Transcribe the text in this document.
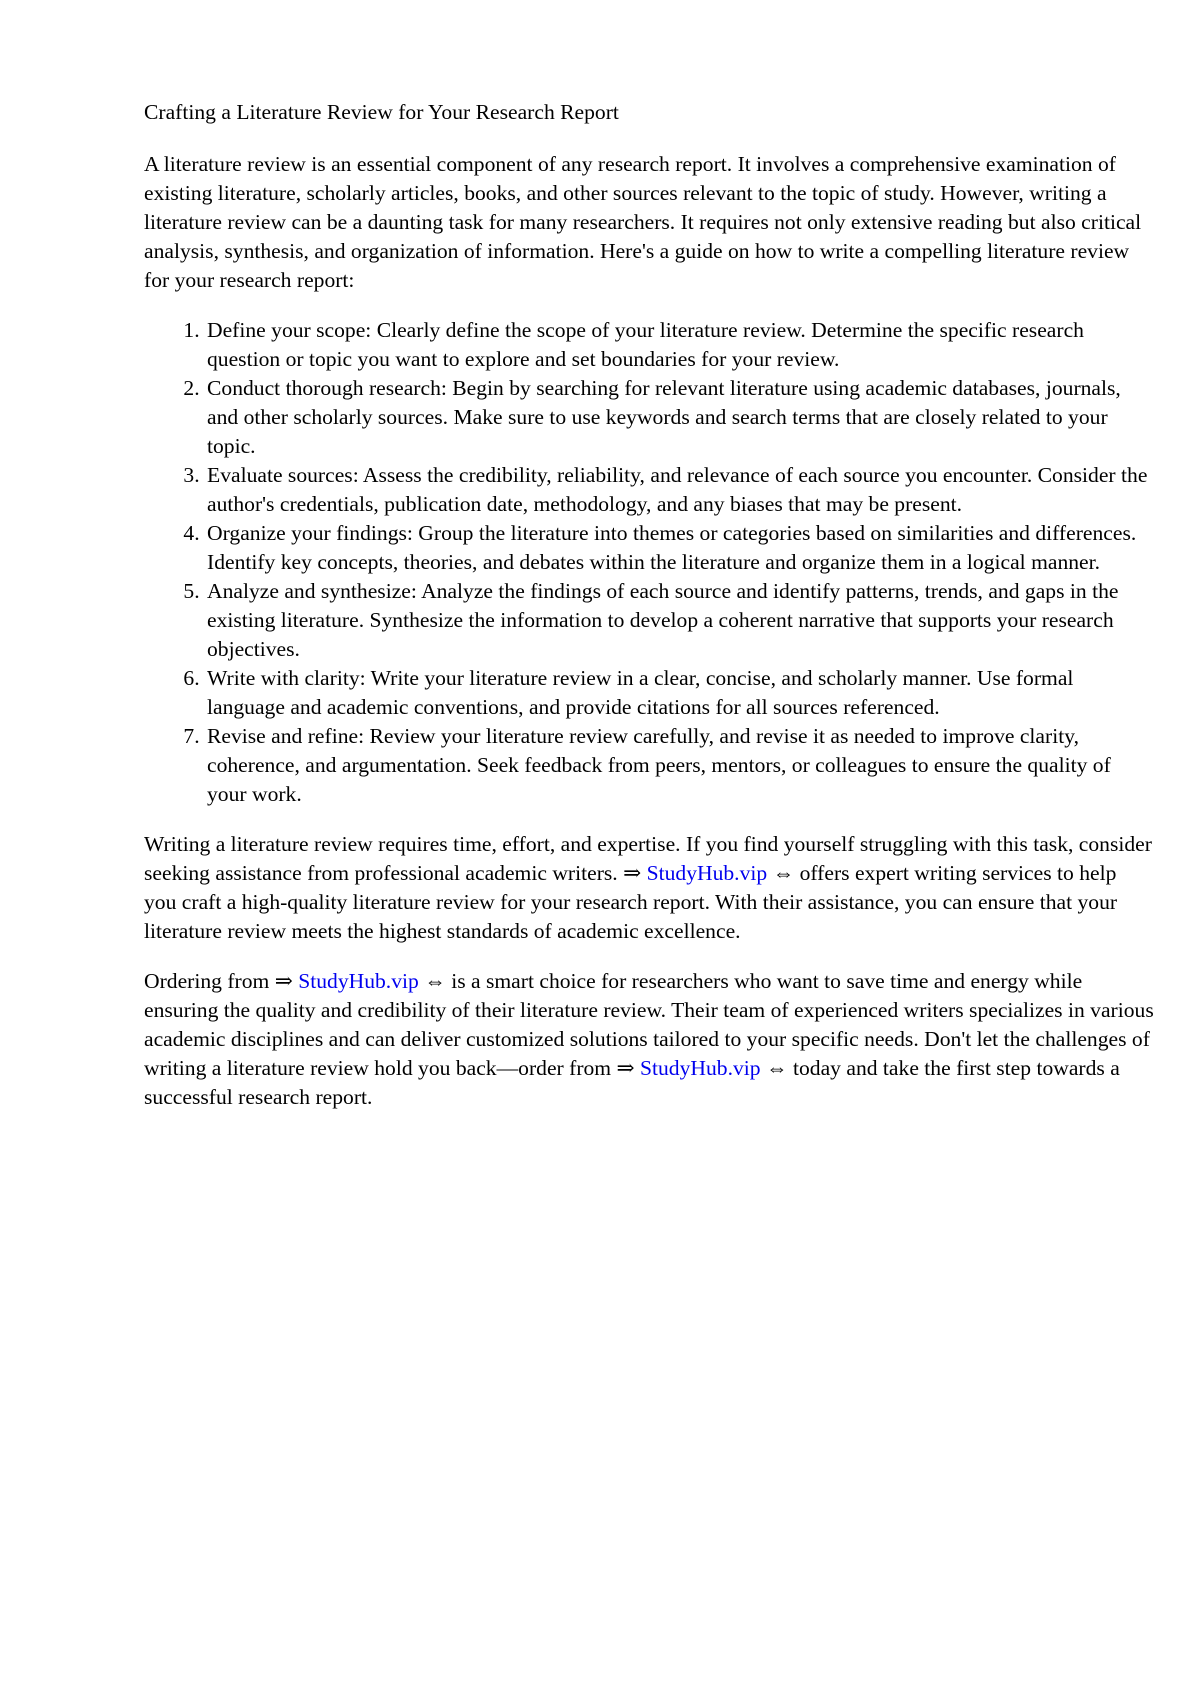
Crafting a Literature Review for Your Research Report

A literature review is an essential component of any research report. It involves a comprehensive examination of existing literature, scholarly articles, books, and other sources relevant to the topic of study. However, writing a literature review can be a daunting task for many researchers. It requires not only extensive reading but also critical analysis, synthesis, and organization of information. Here's a guide on how to write a compelling literature review for your research report:

1. Define your scope: Clearly define the scope of your literature review. Determine the specific research question or topic you want to explore and set boundaries for your review.
2. Conduct thorough research: Begin by searching for relevant literature using academic databases, journals, and other scholarly sources. Make sure to use keywords and search terms that are closely related to your topic.
3. Evaluate sources: Assess the credibility, reliability, and relevance of each source you encounter. Consider the author's credentials, publication date, methodology, and any biases that may be present.
4. Organize your findings: Group the literature into themes or categories based on similarities and differences. Identify key concepts, theories, and debates within the literature and organize them in a logical manner.
5. Analyze and synthesize: Analyze the findings of each source and identify patterns, trends, and gaps in the existing literature. Synthesize the information to develop a coherent narrative that supports your research objectives.
6. Write with clarity: Write your literature review in a clear, concise, and scholarly manner. Use formal language and academic conventions, and provide citations for all sources referenced.
7. Revise and refine: Review your literature review carefully, and revise it as needed to improve clarity, coherence, and argumentation. Seek feedback from peers, mentors, or colleagues to ensure the quality of your work.

Writing a literature review requires time, effort, and expertise. If you find yourself struggling with this task, consider seeking assistance from professional academic writers. ⇒ StudyHub.vip ⇔ offers expert writing services to help you craft a high-quality literature review for your research report. With their assistance, you can ensure that your literature review meets the highest standards of academic excellence.

Ordering from ⇒ StudyHub.vip ⇔ is a smart choice for researchers who want to save time and energy while ensuring the quality and credibility of their literature review. Their team of experienced writers specializes in various academic disciplines and can deliver customized solutions tailored to your specific needs. Don't let the challenges of writing a literature review hold you back—order from ⇒ StudyHub.vip ⇔ today and take the first step towards a successful research report.
